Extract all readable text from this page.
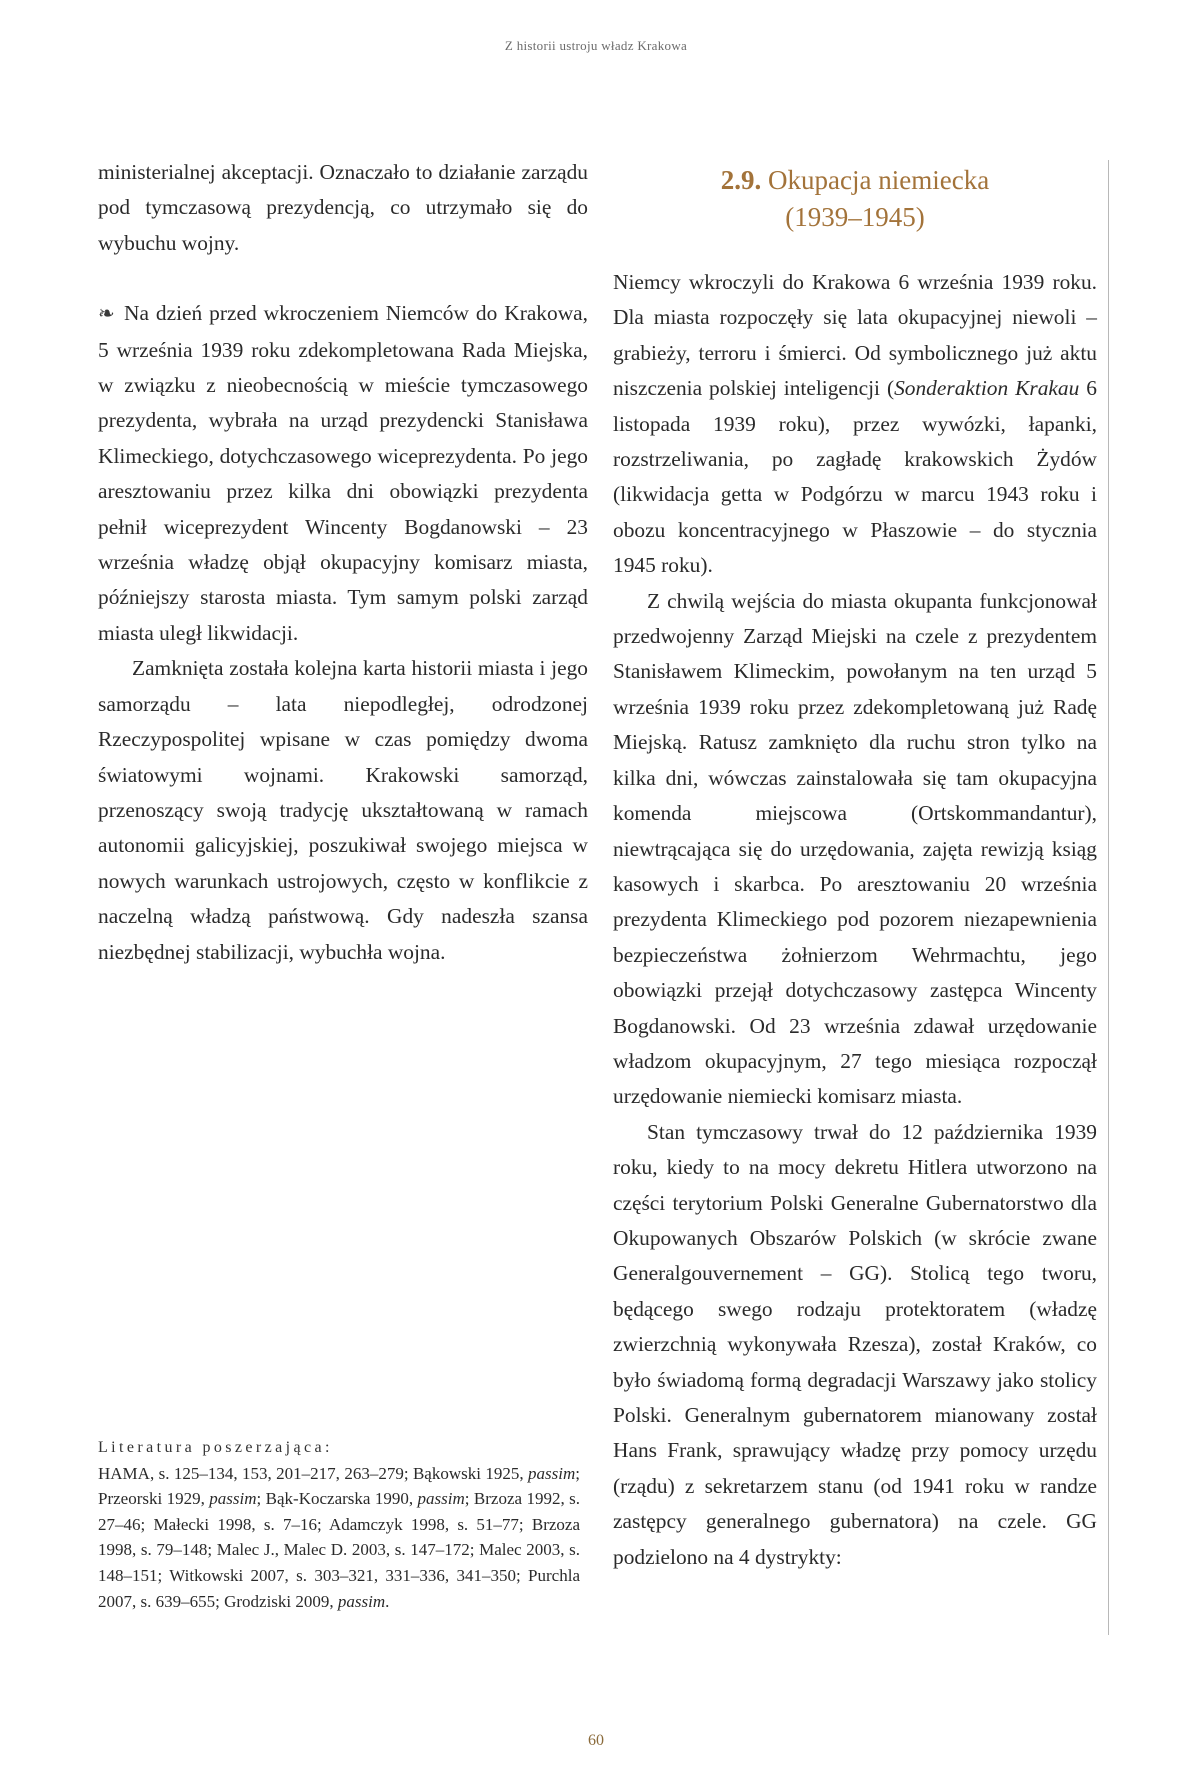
Z historii ustroju władz Krakowa

ministerialnej akceptacji. Oznaczało to działanie zarządu pod tymczasową prezydencją, co utrzymało się do wybuchu wojny.

❧ Na dzień przed wkroczeniem Niemców do Krakowa, 5 września 1939 roku zdekompletowana Rada Miejska, w związku z nieobecnością w mieście tymczasowego prezydenta, wybrała na urząd prezydencki Stanisława Klimeckiego, dotychczasowego wiceprezydenta. Po jego aresztowaniu przez kilka dni obowiązki prezydenta pełnił wiceprezydent Wincenty Bogdanowski – 23 września władzę objął okupacyjny komisarz miasta, późniejszy starosta miasta. Tym samym polski zarząd miasta uległ likwidacji.

Zamknięta została kolejna karta historii miasta i jego samorządu – lata niepodległej, odrodzonej Rzeczypospolitej wpisane w czas pomiędzy dwoma światowymi wojnami. Krakowski samorząd, przenoszący swoją tradycję ukształtowaną w ramach autonomii galicyjskiej, poszukiwał swojego miejsca w nowych warunkach ustrojowych, często w konflikcie z naczelną władzą państwową. Gdy nadeszła szansa niezbędnej stabilizacji, wybuchła wojna.

Literatura poszerzająca:
HAMA, s. 125–134, 153, 201–217, 263–279; Bąkowski 1925, passim; Przeorski 1929, passim; Bąk-Koczarska 1990, passim; Brzoza 1992, s. 27–46; Małecki 1998, s. 7–16; Adamczyk 1998, s. 51–77; Brzoza 1998, s. 79–148; Malec J., Malec D. 2003, s. 147–172; Malec 2003, s. 148–151; Witkowski 2007, s. 303–321, 331–336, 341–350; Purchla 2007, s. 639–655; Grodziski 2009, passim.
2.9. Okupacja niemiecka
(1939–1945)

Niemcy wkroczyli do Krakowa 6 września 1939 roku. Dla miasta rozpoczęły się lata okupacyjnej niewoli – grabieży, terroru i śmierci. Od symbolicznego już aktu niszczenia polskiej inteligencji (Sonderaktion Krakau 6 listopada 1939 roku), przez wywózki, łapanki, rozstrzeliwania, po zagładę krakowskich Żydów (likwidacja getta w Podgórzu w marcu 1943 roku i obozu koncentracyjnego w Płaszowie – do stycznia 1945 roku).

Z chwilą wejścia do miasta okupanta funkcjonował przedwojenny Zarząd Miejski na czele z prezydentem Stanisławem Klimeckim, powołanym na ten urząd 5 września 1939 roku przez zdekompletowaną już Radę Miejską. Ratusz zamknięto dla ruchu stron tylko na kilka dni, wówczas zainstalowała się tam okupacyjna komenda miejscowa (Ortskommandantur), niewtrącająca się do urzędowania, zajęta rewizją ksiąg kasowych i skarbca. Po aresztowaniu 20 września prezydenta Klimeckiego pod pozorem niezapewnienia bezpieczeństwa żołnierzom Wehrmachtu, jego obowiązki przejął dotychczasowy zastępca Wincenty Bogdanowski. Od 23 września zdawał urzędowanie władzom okupacyjnym, 27 tego miesiąca rozpoczął urzędowanie niemiecki komisarz miasta.

Stan tymczasowy trwał do 12 października 1939 roku, kiedy to na mocy dekretu Hitlera utworzono na części terytorium Polski Generalne Gubernatorstwo dla Okupowanych Obszarów Polskich (w skrócie zwane Generalgouvernement – GG). Stolicą tego tworu, będącego swego rodzaju protektoratem (władzę zwierzchnią wykonywała Rzesza), został Kraków, co było świadomą formą degradacji Warszawy jako stolicy Polski. Generalnym gubernatorem mianowany został Hans Frank, sprawujący władzę przy pomocy urzędu (rządu) z sekretarzem stanu (od 1941 roku w randze zastępcy generalnego gubernatora) na czele. GG podzielono na 4 dystrykty:

60
